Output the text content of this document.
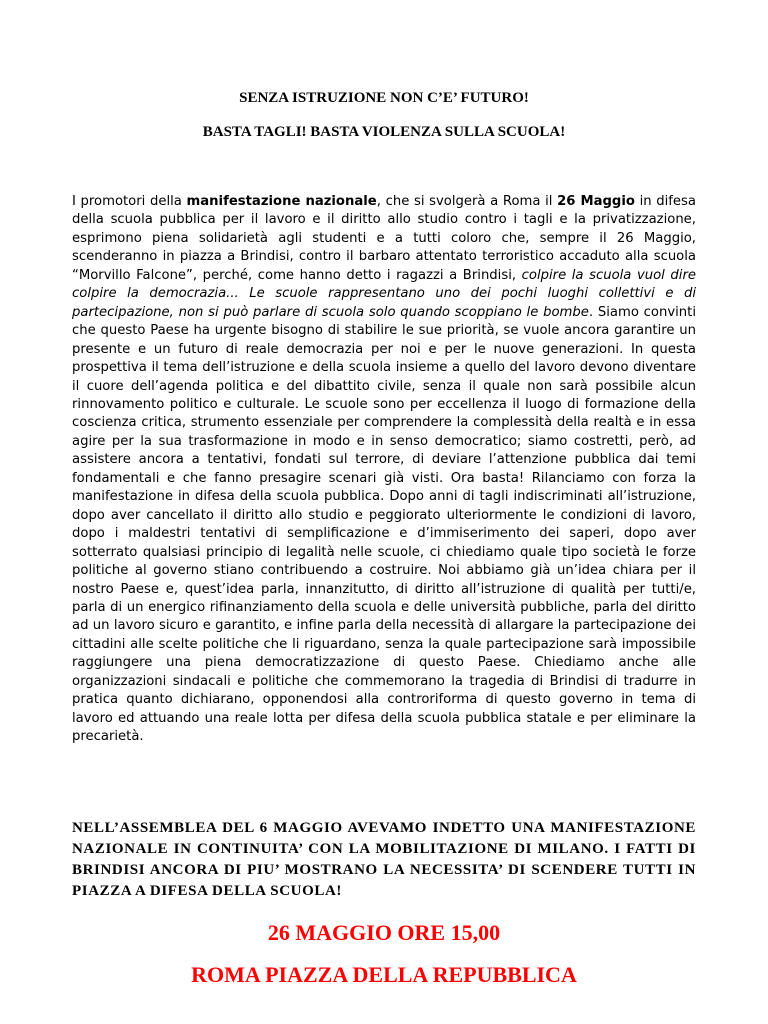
SENZA ISTRUZIONE NON C’E’ FUTURO!

BASTA TAGLI! BASTA VIOLENZA SULLA SCUOLA!

I promotori della manifestazione nazionale, che si svolgerà a Roma il 26 Maggio in difesa della scuola pubblica per il lavoro e il diritto allo studio contro i tagli e la privatizzazione, esprimono piena solidarietà agli studenti e a tutti coloro che, sempre il 26 Maggio, scenderanno in piazza a Brindisi, contro il barbaro attentato terroristico accaduto alla scuola “Morvillo Falcone”, perché, come hanno detto i ragazzi a Brindisi, colpire la scuola vuol dire colpire la democrazia... Le scuole rappresentano uno dei pochi luoghi collettivi e di partecipazione, non si può parlare di scuola solo quando scoppiano le bombe. Siamo convinti che questo Paese ha urgente bisogno di stabilire le sue priorità, se vuole ancora garantire un presente e un futuro di reale democrazia per noi e per le nuove generazioni. In questa prospettiva il tema dell’istruzione e della scuola insieme a quello del lavoro devono diventare il cuore dell’agenda politica e del dibattito civile, senza il quale non sarà possibile alcun rinnovamento politico e culturale. Le scuole sono per eccellenza il luogo di formazione della coscienza critica, strumento essenziale per comprendere la complessità della realtà e in essa agire per la sua trasformazione in modo e in senso democratico; siamo costretti, però, ad assistere ancora a tentativi, fondati sul terrore, di deviare l’attenzione pubblica dai temi fondamentali e che fanno presagire scenari già visti. Ora basta! Rilanciamo con forza la manifestazione in difesa della scuola pubblica. Dopo anni di tagli indiscriminati all’istruzione, dopo aver cancellato il diritto allo studio e peggiorato ulteriormente le condizioni di lavoro, dopo i maldestri tentativi di semplificazione e d’immiserimento dei saperi, dopo aver sotterrato qualsiasi principio di legalità nelle scuole, ci chiediamo quale tipo società le forze politiche al governo stiano contribuendo a costruire. Noi abbiamo già un’idea chiara per il nostro Paese e, quest’idea parla, innanzitutto, di diritto all’istruzione di qualità per tutti/e, parla di un energico rifinanziamento della scuola e delle università pubbliche, parla del diritto ad un lavoro sicuro e garantito, e infine parla della necessità di allargare la partecipazione dei cittadini alle scelte politiche che li riguardano, senza la quale partecipazione sarà impossibile raggiungere una piena democratizzazione di questo Paese. Chiediamo anche alle organizzazioni sindacali e politiche che commemorano la tragedia di Brindisi di tradurre in pratica quanto dichiarano, opponendosi alla controriforma di questo governo in tema di lavoro ed attuando una reale lotta per difesa della scuola pubblica statale e per eliminare la precarietà.

NELL’ASSEMBLEA DEL 6 MAGGIO AVEVAMO INDETTO UNA MANIFESTAZIONE NAZIONALE IN CONTINUITA’ CON LA MOBILITAZIONE DI MILANO. I FATTI DI BRINDISI ANCORA DI PIU’ MOSTRANO LA NECESSITA’ DI SCENDERE TUTTI IN PIAZZA A DIFESA DELLA SCUOLA!

26 MAGGIO ORE 15,00

ROMA PIAZZA DELLA REPUBBLICA
